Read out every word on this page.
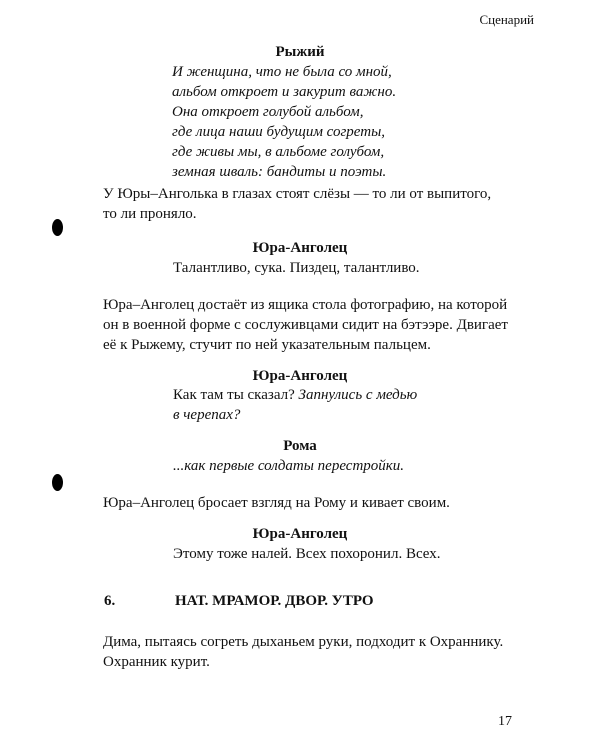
Сценарий
Рыжий
И женщина, что не была со мной,
альбом откроет и закурит важно.
Она откроет голубой альбом,
где лица наши будущим согреты,
где живы мы, в альбоме голубом,
земная шваль: бандиты и поэты.
У Юры–Анголька в глазах стоят слёзы — то ли от выпитого,
то ли проняло.
Юра-Анголец
Талантливо, сука. Пиздец, талантливо.
Юра–Анголец достаёт из ящика стола фотографию, на которой
он в военной форме с сослуживцами сидит на бэтээре. Двигает
её к Рыжему, стучит по ней указательным пальцем.
Юра-Анголец
Как там ты сказал? Запнулись с медью
в черепах?
Рома
...как первые солдаты перестройки.
Юра–Анголец бросает взгляд на Рому и кивает своим.
Юра-Анголец
Этому тоже налей. Всех похоронил. Всех.
6.	НАТ. МРАМОР. ДВОР. УТРО
Дима, пытаясь согреть дыханьем руки, подходит к Охраннику.
Охранник курит.
17
